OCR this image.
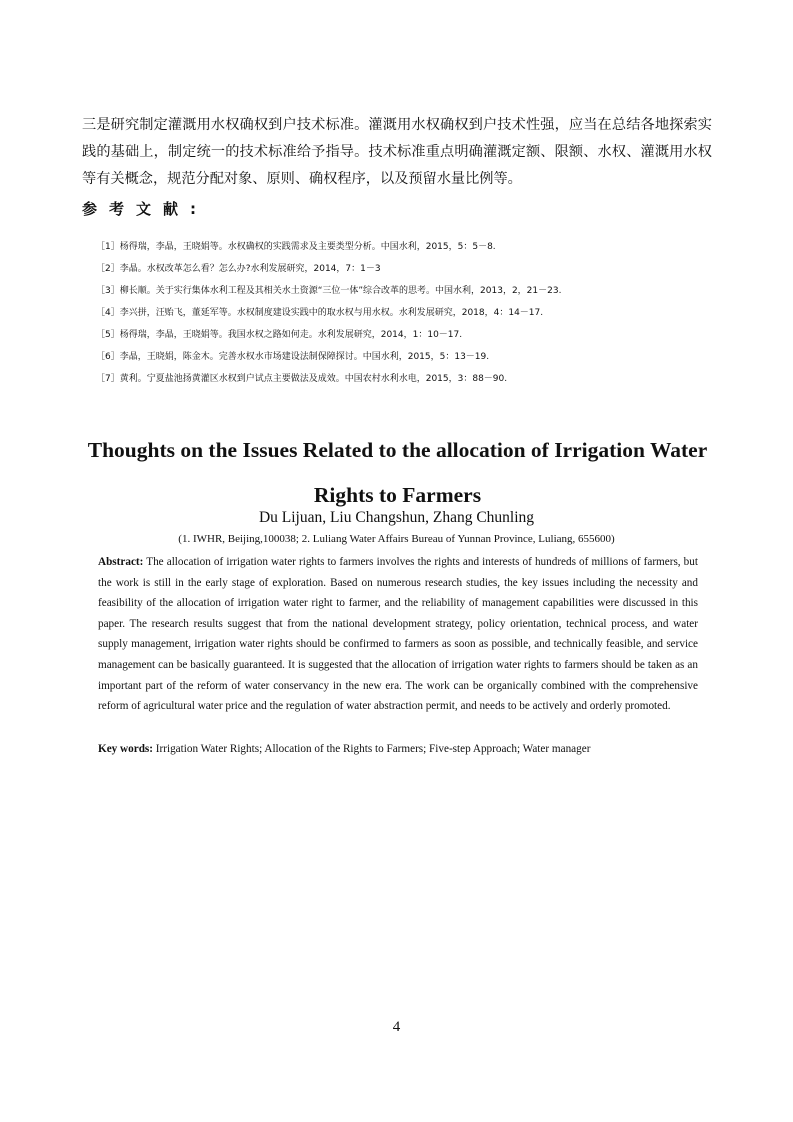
三是研究制定灌溉用水权确权到户技术标准。灌溉用水权确权到户技术性强，应当在总结各地探索实践的基础上，制定统一的技术标准给予指导。技术标准重点明确灌溉定额、限额、水权、灌溉用水权等有关概念，规范分配对象、原则、确权程序，以及预留水量比例等。

参考文献:
［1］杨得瑞，李晶，王晓娟等。水权确权的实践需求及主要类型分析。中国水利，2015，5：5－8.
［2］李晶。水权改革怎么看？怎么办?水利发展研究，2014，7：1－3
［3］柳长顺。关于实行集体水利工程及其相关水土资源“三位一体”综合改革的思考。中国水利，2013，2，21－23.
［4］李兴拼，汪贻飞，董延军等。水权制度建设实践中的取水权与用水权。水利发展研究，2018，4：14－17.
［5］杨得瑞，李晶，王晓娟等。我国水权之路如何走。水利发展研究，2014，1：10－17.
［6］李晶，王晓娟，陈金木。完善水权水市场建设法制保障探讨。中国水利，2015，5：13－19.
［7］黄利。宁夏盐池扬黄灌区水权到户试点主要做法及成效。中国农村水利水电，2015，3：88－90.
Thoughts on the Issues Related to the allocation of Irrigation Water Rights to Farmers

Du Lijuan, Liu Changshun, Zhang Chunling

(1. IWHR, Beijing,100038; 2. Luliang Water Affairs Bureau of Yunnan Province, Luliang, 655600)

Abstract: The allocation of irrigation water rights to farmers involves the rights and interests of hundreds of millions of farmers, but the work is still in the early stage of exploration. Based on numerous research studies, the key issues including the necessity and feasibility of the allocation of irrigation water right to farmer, and the reliability of management capabilities were discussed in this paper. The research results suggest that from the national development strategy, policy orientation, technical process, and water supply management, irrigation water rights should be confirmed to farmers as soon as possible, and technically feasible, and service management can be basically guaranteed. It is suggested that the allocation of irrigation water rights to farmers should be taken as an important part of the reform of water conservancy in the new era. The work can be organically combined with the comprehensive reform of agricultural water price and the regulation of water abstraction permit, and needs to be actively and orderly promoted.

Key words: Irrigation Water Rights; Allocation of the Rights to Farmers; Five-step Approach; Water manager

4
